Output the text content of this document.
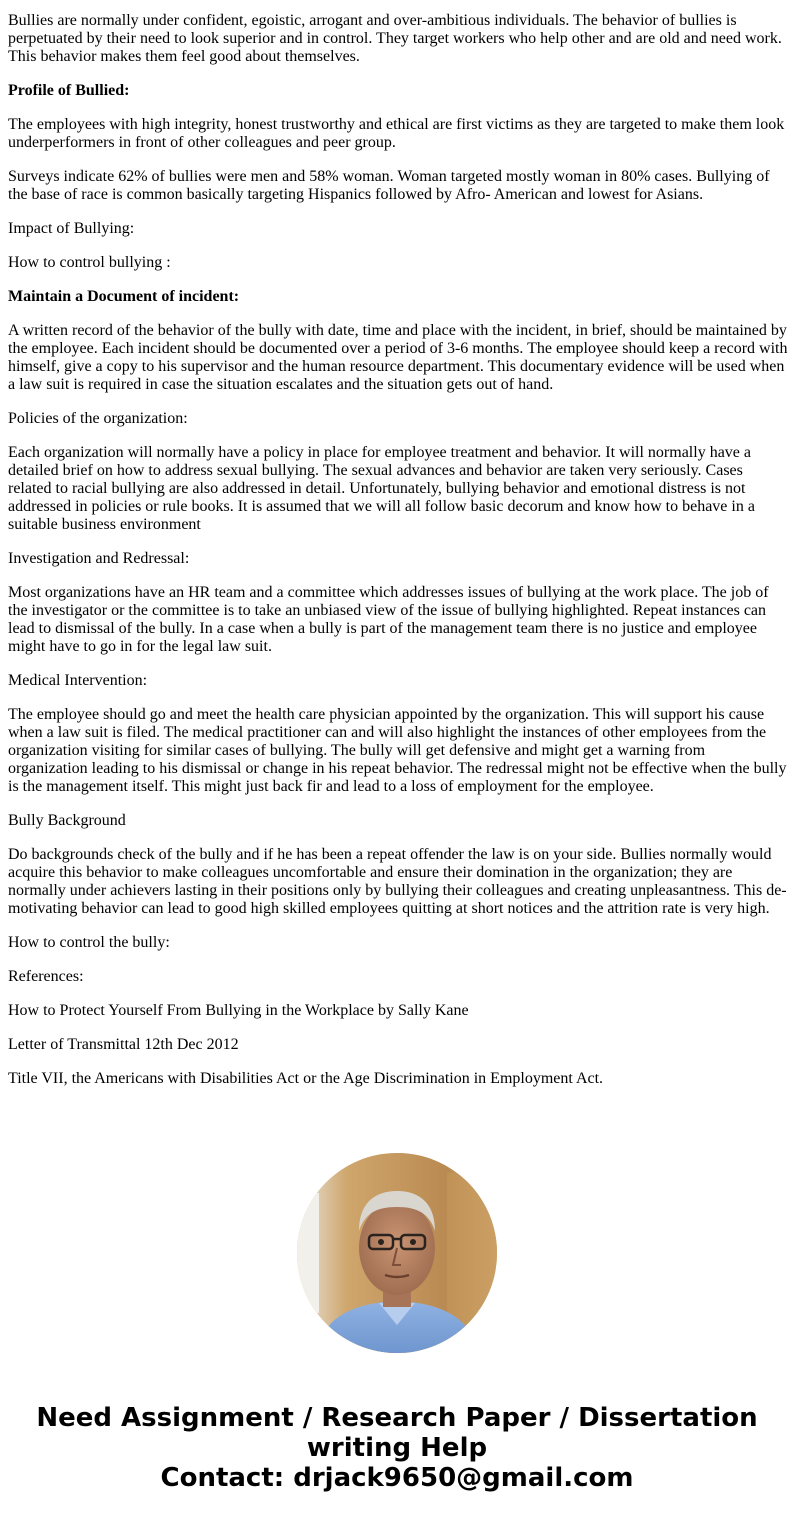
Bullies are normally under confident, egoistic, arrogant and over-ambitious individuals. The behavior of bullies is perpetuated by their need to look superior and in control. They target workers who help other and are old and need work. This behavior makes them feel good about themselves.

Profile of Bullied:

The employees with high integrity, honest trustworthy and ethical are first victims as they are targeted to make them look underperformers in front of other colleagues and peer group.

Surveys indicate 62% of bullies were men and 58% woman. Woman targeted mostly woman in 80% cases. Bullying of the base of race is common basically targeting Hispanics followed by Afro- American and lowest for Asians.

Impact of Bullying:

How to control bullying :

Maintain a Document of incident:

A written record of the behavior of the bully with date, time and place with the incident, in brief, should be maintained by the employee. Each incident should be documented over a period of 3-6 months. The employee should keep a record with himself, give a copy to his supervisor and the human resource department. This documentary evidence will be used when a law suit is required in case the situation escalates and the situation gets out of hand.

Policies of the organization:

Each organization will normally have a policy in place for employee treatment and behavior. It will normally have a detailed brief on how to address sexual bullying. The sexual advances and behavior are taken very seriously. Cases related to racial bullying are also addressed in detail. Unfortunately, bullying behavior and emotional distress is not addressed in policies or rule books. It is assumed that we will all follow basic decorum and know how to behave in a suitable business environment

Investigation and Redressal:

Most organizations have an HR team and a committee which addresses issues of bullying at the work place. The job of the investigator or the committee is to take an unbiased view of the issue of bullying highlighted. Repeat instances can lead to dismissal of the bully. In a case when a bully is part of the management team there is no justice and employee might have to go in for the legal law suit.

Medical Intervention:

The employee should go and meet the health care physician appointed by the organization. This will support his cause when a law suit is filed. The medical practitioner can and will also highlight the instances of other employees from the organization visiting for similar cases of bullying. The bully will get defensive and might get a warning from organization leading to his dismissal or change in his repeat behavior. The redressal might not be effective when the bully is the management itself. This might just back fir and lead to a loss of employment for the employee.

Bully Background

Do backgrounds check of the bully and if he has been a repeat offender the law is on your side. Bullies normally would acquire this behavior to make colleagues uncomfortable and ensure their domination in the organization; they are normally under achievers lasting in their positions only by bullying their colleagues and creating unpleasantness. This de-motivating behavior can lead to good high skilled employees quitting at short notices and the attrition rate is very high.

How to control the bully:

References:

How to Protect Yourself From Bullying in the Workplace by Sally Kane

Letter of Transmittal 12th Dec 2012

Title VII, the Americans with Disabilities Act or the Age Discrimination in Employment Act.

Need Assignment / Research Paper / Dissertation
writing Help
Contact: drjack9650@gmail.com
